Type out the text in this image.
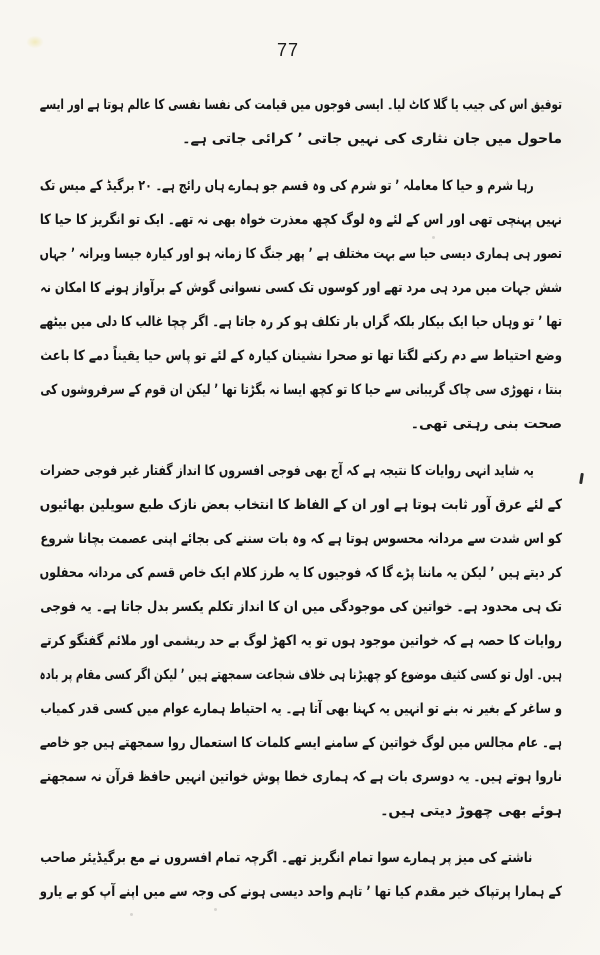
77
توفیق اس کی جیب یا گلا کاٹ لیا۔ ایسی فوجوں میں قیامت کی نفسا نفسی کا عالم ہوتا ہے اور ایسے
ماحول میں جان نثاری کی نہیں جاتی ٬ کرائی جاتی ہے۔
رہا شرم و حیا کا معاملہ ٬ تو شرم کی وہ قسم جو ہمارے ہاں رائج ہے۔ ۲۰ برگیڈ کے میس تک
نہیں پہنچی تھی اور اس کے لئے وہ لوگ کچھ معذرت خواہ بھی نہ تھے۔ ایک تو انگریز کا حیا کا
تصور ہی ہماری دیسی حیا سے بہت مختلف ہے ٬ پھر جنگ کا زمانہ ہو اور کیارہ جیسا ویرانہ ٬ جہاں
شش جہات میں مرد ہی مرد تھے اور کوسوں تک کسی نسوانی گوش کے برآواز ہونے کا امکان نہ
تھا ٬ تو وہاں حیا ایک بیکار بلکہ گراں بار تکلف ہو کر رہ جاتا ہے۔ اگر چچا غالب کا دلی میں بیٹھے
وضع احتیاط سے دم رکنے لگتا تھا تو صحرا نشینان کیارہ کے لئے تو پاس حیا یقیناً دمے کا باعث
بنتا ، تھوڑی سی چاک گریبانی سے حیا کا تو کچھ ایسا نہ بگڑتا تھا ٬ لیکن ان قوم کے سرفروشوں کی
صحت بنی رہتی تھی۔
یہ شاید انہی روایات کا نتیجہ ہے کہ آج بھی فوجی افسروں کا انداز گفتار غیر فوجی حضرات
کے لئے عرق آور ثابت ہوتا ہے اور ان کے الفاظ کا انتخاب بعض نازک طبع سویلین بھائیوں
کو اس شدت سے مردانہ محسوس ہوتا ہے کہ وہ بات سننے کی بجائے اپنی عصمت بچانا شروع
کر دیتے ہیں ٬ لیکن یہ ماننا پڑے گا کہ فوجیوں کا یہ طرز کلام ایک خاص قسم کی مردانہ محفلوں
تک ہی محدود ہے۔ خواتین کی موجودگی میں ان کا انداز تکلم یکسر بدل جاتا ہے۔ یہ فوجی
روایات کا حصہ ہے کہ خواتین موجود ہوں تو یہ اکھڑ لوگ بے حد ریشمی اور ملائم گفتگو کرتے
ہیں۔ اول تو کسی کثیف موضوع کو چھیڑنا ہی خلاف شجاعت سمجھتے ہیں ٬ لیکن اگر کسی مقام پر بادہ
و ساغر کے بغیر نہ بنے تو انہیں یہ کہنا بھی آتا ہے۔ یہ احتیاط ہمارے عوام میں کسی قدر کمیاب
ہے۔ عام مجالس میں لوگ خواتین کے سامنے ایسے کلمات کا استعمال روا سمجھتے ہیں جو خاصے
ناروا ہوتے ہیں۔ یہ دوسری بات ہے کہ ہماری خطا پوش خواتین انہیں حافظ قرآن نہ سمجھتے
ہوئے بھی چھوڑ دیتی ہیں۔
ناشتے کی میز پر ہمارے سوا تمام انگریز تھے۔ اگرچہ تمام افسروں نے مع برگیڈیئر صاحب
کے ہمارا پرتپاک خیر مقدم کیا تھا ٬ تاہم واحد دیسی ہونے کی وجہ سے میں اپنے آپ کو بے یارو
